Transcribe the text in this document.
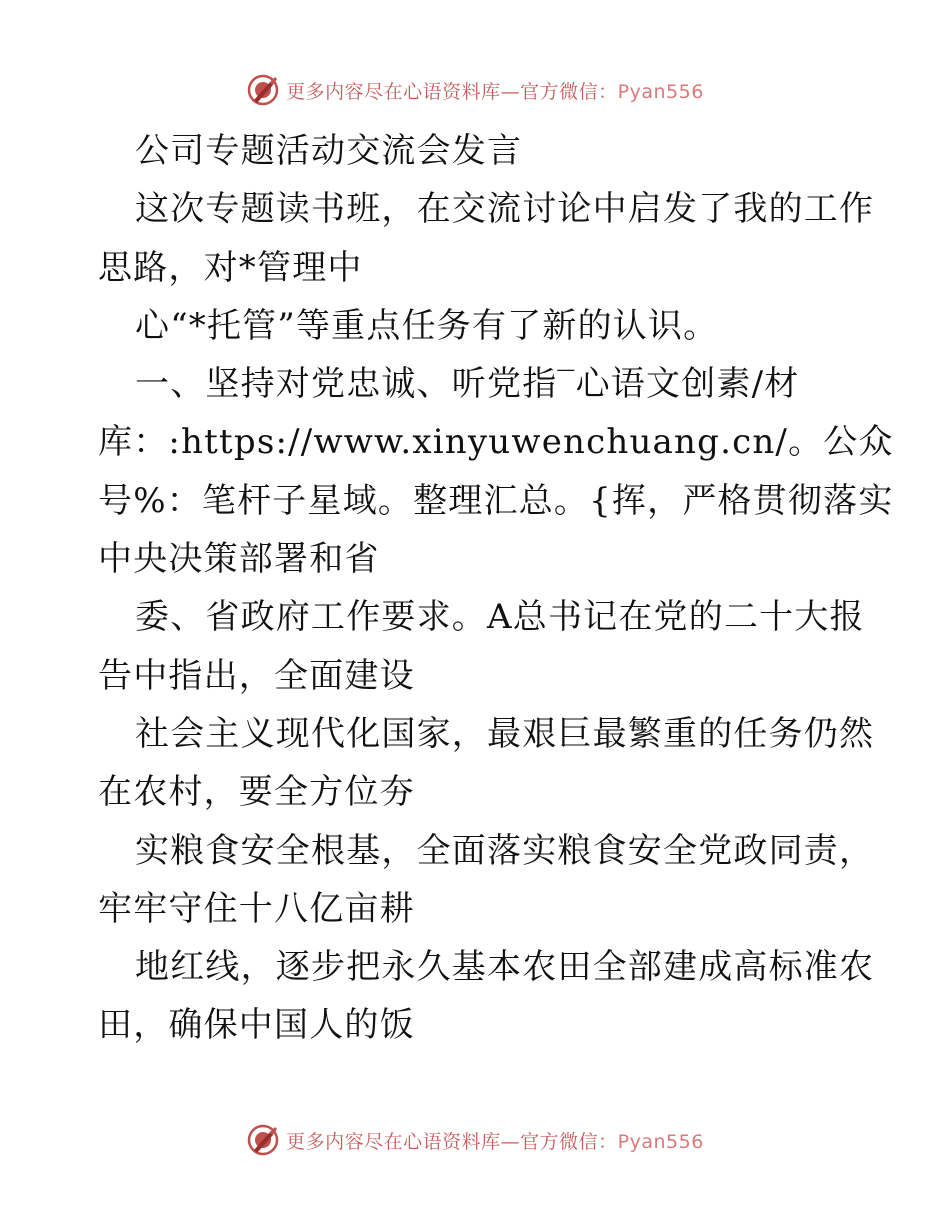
更多内容尽在心语资料库—官方微信：Pyan556
公司专题活动交流会发言
这次专题读书班，在交流讨论中启发了我的工作
思路，对*管理中
心“*托管”等重点任务有了新的认识。
一、坚持对党忠诚、听党指‾心语文创素/材
库：:https://www.xinyuwenchuang.cn/。公众
号%：笔杆子星域。整理汇总。{挥，严格贯彻落实
中央决策部署和省
委、省政府工作要求。A总书记在党的二十大报
告中指出，全面建设
社会主义现代化国家，最艰巨最繁重的任务仍然
在农村，要全方位夯
实粮食安全根基，全面落实粮食安全党政同责，
牢牢守住十八亿亩耕
地红线，逐步把永久基本农田全部建成高标准农
田，确保中国人的饭
更多内容尽在心语资料库—官方微信：Pyan556
